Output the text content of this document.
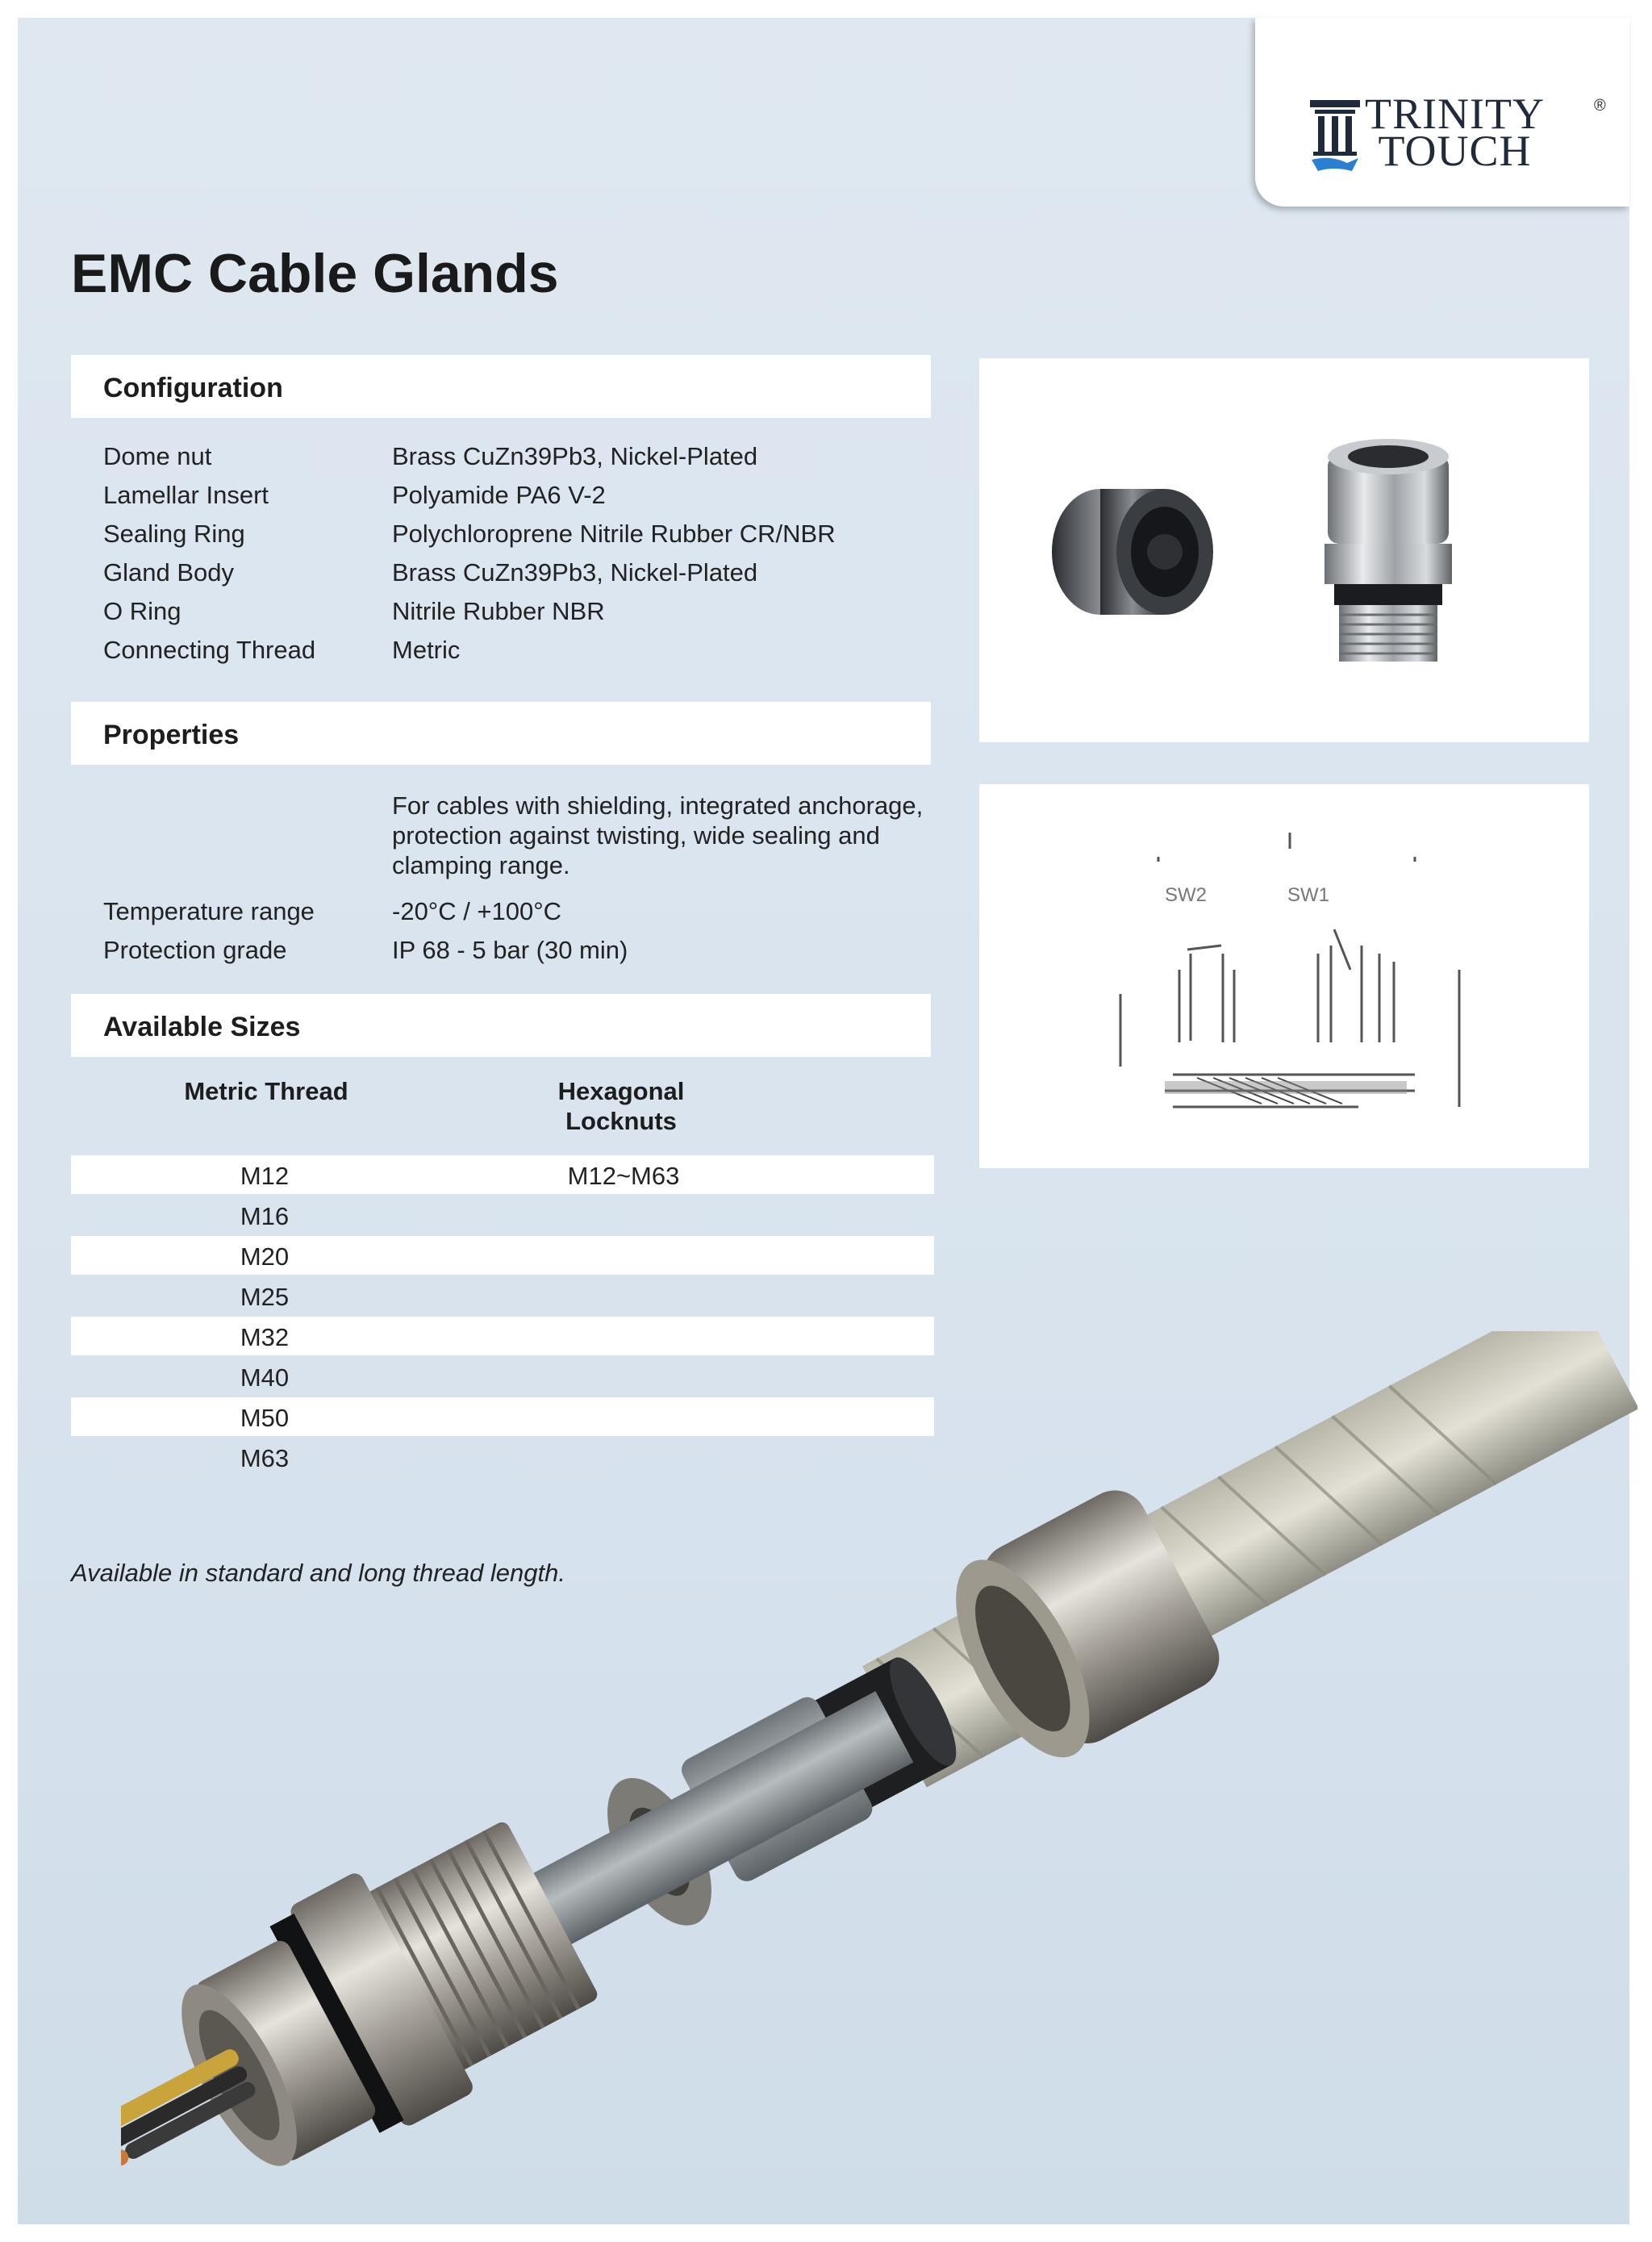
TRINITY
TOUCH
®
EMC Cable Glands
Configuration
Dome nut	Brass CuZn39Pb3, Nickel-Plated
Lamellar Insert	Polyamide PA6 V-2
Sealing Ring	Polychloroprene Nitrile Rubber CR/NBR
Gland Body	Brass CuZn39Pb3, Nickel-Plated
O Ring	Nitrile Rubber NBR
Connecting Thread	Metric
Properties
For cables with shielding, integrated anchorage,
protection against twisting, wide sealing and
clamping range.
Temperature range	-20°C / +100°C
Protection grade	IP 68 - 5 bar (30 min)
Available Sizes
Metric Thread	Hexagonal
Locknuts
M12	M12~M63
M16
M20
M25
M32
M40
M50
M63
Available in standard and long thread length.
SW2	SW1
